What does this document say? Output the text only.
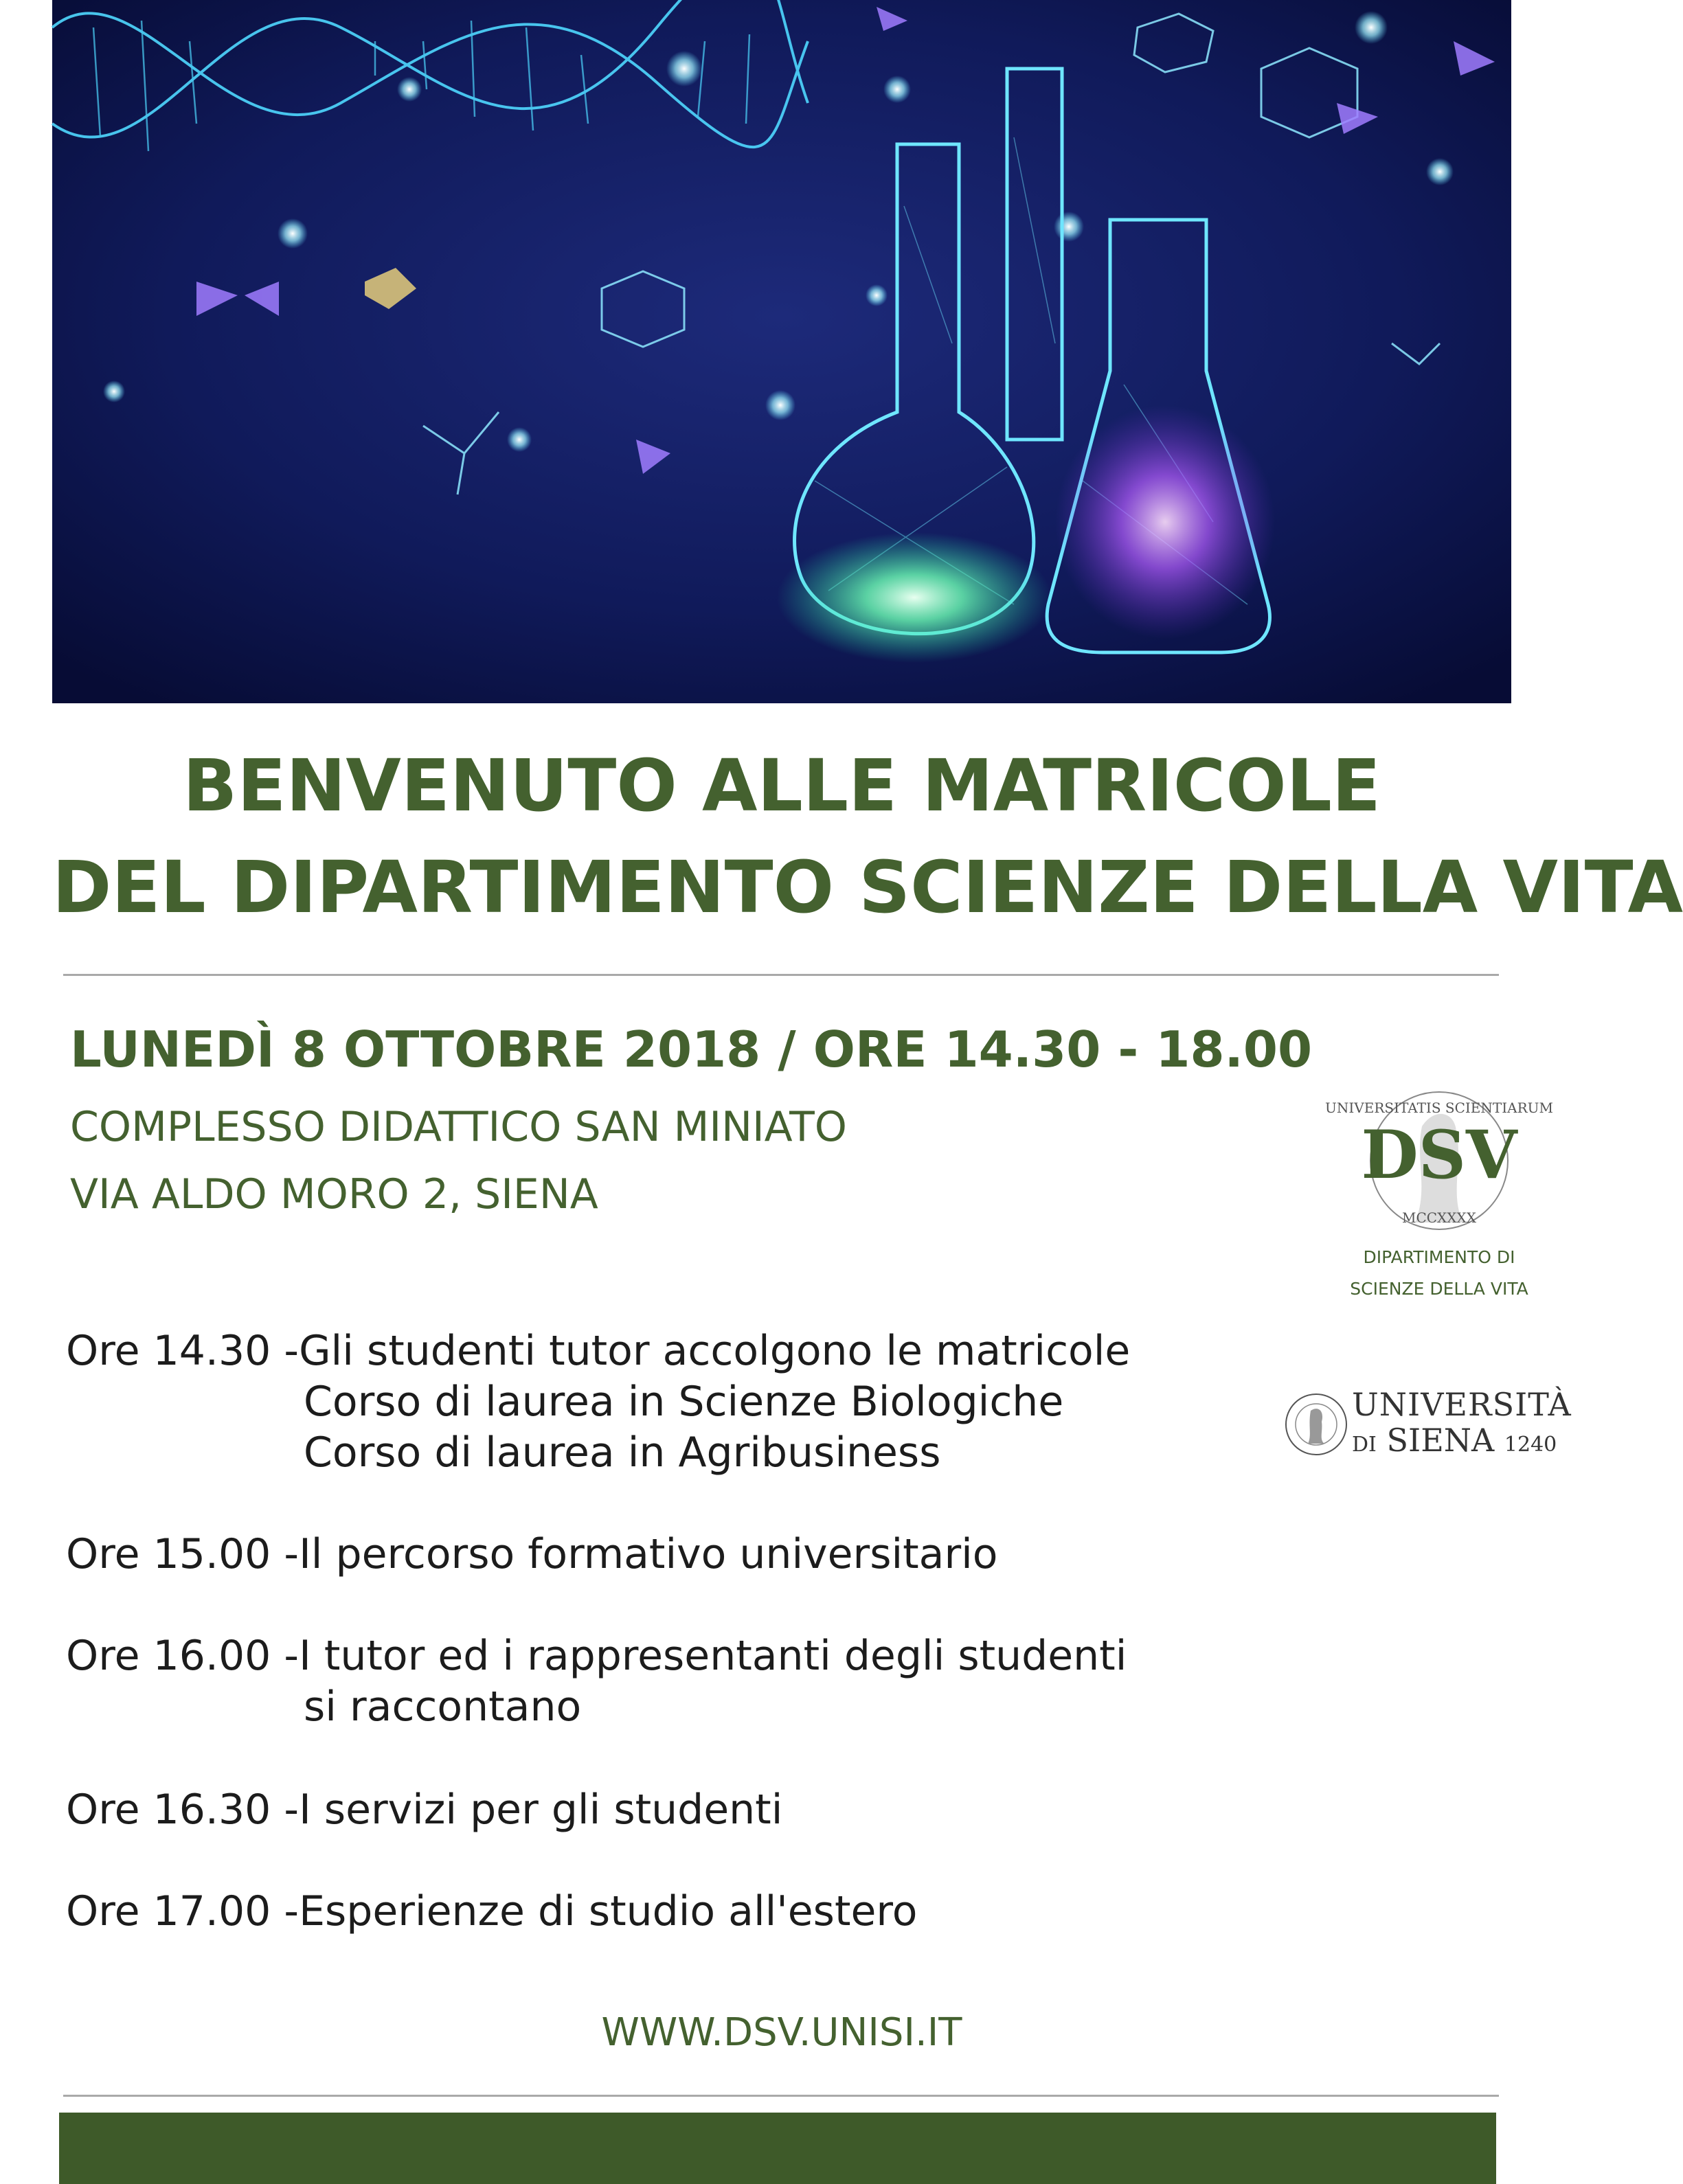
BENVENUTO ALLE MATRICOLE
DEL DIPARTIMENTO SCIENZE DELLA VITA
LUNEDÌ 8 OTTOBRE 2018 / ORE 14.30 - 18.00
COMPLESSO DIDATTICO SAN MINIATO
VIA ALDO MORO 2, SIENA
DSV
UNIVERSITATIS SCIENTIARUM
MCCXXXX
DIPARTIMENTO DI
SCIENZE DELLA VITA
UNIVERSITÀ
DI SIENA 1240
Ore 14.30 -Gli studenti tutor accolgono le matricole
Corso di laurea in Scienze Biologiche
Corso di laurea in Agribusiness
Ore 15.00 -Il percorso formativo universitario
Ore 16.00 -I tutor ed i rappresentanti degli studenti
si raccontano
Ore 16.30 -I servizi per gli studenti
Ore 17.00 -Esperienze di studio all'estero
WWW.DSV.UNISI.IT
